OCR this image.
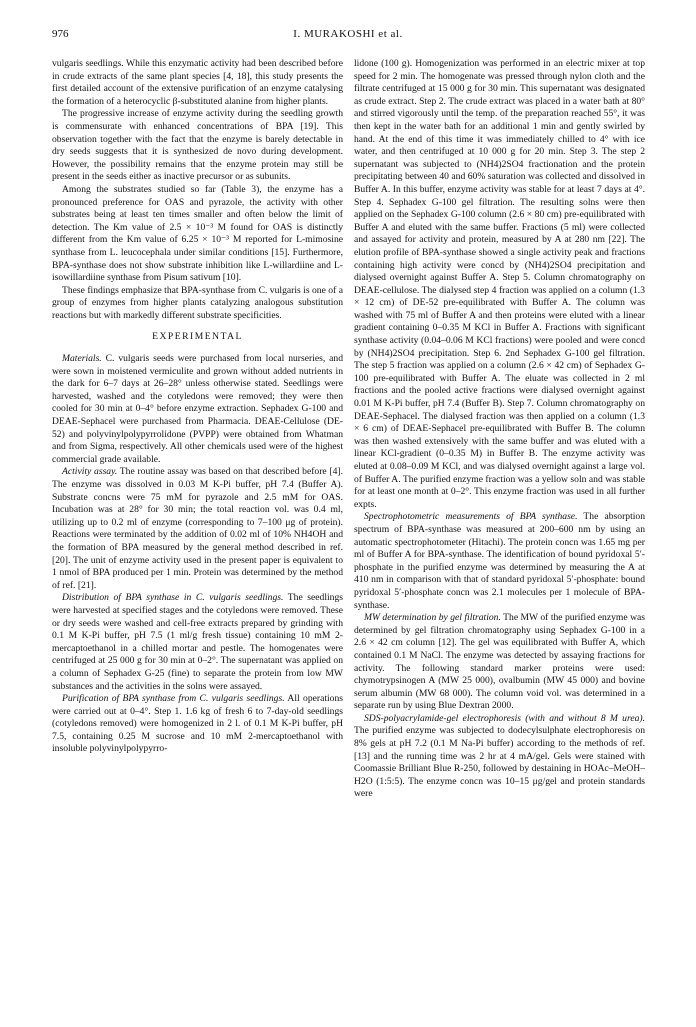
976	I. MURAKOSHI et al.

vulgaris seedlings. While this enzymatic activity had been described before in crude extracts of the same plant species [4, 18], this study presents the first detailed account of the extensive purification of an enzyme catalysing the formation of a heterocyclic β-substituted alanine from higher plants.

The progressive increase of enzyme activity during the seedling growth is commensurate with enhanced concentrations of BPA [19]. This observation together with the fact that the enzyme is barely detectable in dry seeds suggests that it is synthesized de novo during development. However, the possibility remains that the enzyme protein may still be present in the seeds either as inactive precursor or as subunits.

Among the substrates studied so far (Table 3), the enzyme has a pronounced preference for OAS and pyrazole, the activity with other substrates being at least ten times smaller and often below the limit of detection. The Km value of 2.5 × 10⁻³ M found for OAS is distinctly different from the Km value of 6.25 × 10⁻³ M reported for L-mimosine synthase from L. leucocephala under similar conditions [15]. Furthermore, BPA-synthase does not show substrate inhibition like L-willardiine and L-isowillardiine synthase from Pisum sativum [10].

These findings emphasize that BPA-synthase from C. vulgaris is one of a group of enzymes from higher plants catalyzing analogous substitution reactions but with markedly different substrate specificities.

EXPERIMENTAL

Materials. C. vulgaris seeds were purchased from local nurseries, and were sown in moistened vermiculite and grown without added nutrients in the dark for 6–7 days at 26–28° unless otherwise stated. Seedlings were harvested, washed and the cotyledons were removed; they were then cooled for 30 min at 0–4° before enzyme extraction. Sephadex G-100 and DEAE-Sephacel were purchased from Pharmacia. DEAE-Cellulose (DE-52) and polyvinylpolypyrrolidone (PVPP) were obtained from Whatman and from Sigma, respectively. All other chemicals used were of the highest commercial grade available.

Activity assay. The routine assay was based on that described before [4]. The enzyme was dissolved in 0.03 M K-Pi buffer, pH 7.4 (Buffer A). Substrate concns were 75 mM for pyrazole and 2.5 mM for OAS. Incubation was at 28° for 30 min; the total reaction vol. was 0.4 ml, utilizing up to 0.2 ml of enzyme (corresponding to 7–100 μg of protein). Reactions were terminated by the addition of 0.02 ml of 10% NH4OH and the formation of BPA measured by the general method described in ref. [20]. The unit of enzyme activity used in the present paper is equivalent to 1 nmol of BPA produced per 1 min. Protein was determined by the method of ref. [21].

Distribution of BPA synthase in C. vulgaris seedlings. The seedlings were harvested at specified stages and the cotyledons were removed. These or dry seeds were washed and cell-free extracts prepared by grinding with 0.1 M K-Pi buffer, pH 7.5 (1 ml/g fresh tissue) containing 10 mM 2-mercaptoethanol in a chilled mortar and pestle. The homogenates were centrifuged at 25 000 g for 30 min at 0–2°. The supernatant was applied on a column of Sephadex G-25 (fine) to separate the protein from low MW substances and the activities in the solns were assayed.

Purification of BPA synthase from C. vulgaris seedlings. All operations were carried out at 0–4°. Step 1. 1.6 kg of fresh 6 to 7-day-old seedlings (cotyledons removed) were homogenized in 2 l. of 0.1 M K-Pi buffer, pH 7.5, containing 0.25 M sucrose and 10 mM 2-mercaptoethanol with insoluble polyvinylpolypyrro-

lidone (100 g). Homogenization was performed in an electric mixer at top speed for 2 min. The homogenate was pressed through nylon cloth and the filtrate centrifuged at 15 000 g for 30 min. This supernatant was designated as crude extract. Step 2. The crude extract was placed in a water bath at 80° and stirred vigorously until the temp. of the preparation reached 55°, it was then kept in the water bath for an additional 1 min and gently swirled by hand. At the end of this time it was immediately chilled to 4° with ice water, and then centrifuged at 10 000 g for 20 min. Step 3. The step 2 supernatant was subjected to (NH4)2SO4 fractionation and the protein precipitating between 40 and 60% saturation was collected and dissolved in Buffer A. In this buffer, enzyme activity was stable for at least 7 days at 4°. Step 4. Sephadex G-100 gel filtration. The resulting solns were then applied on the Sephadex G-100 column (2.6 × 80 cm) pre-equilibrated with Buffer A and eluted with the same buffer. Fractions (5 ml) were collected and assayed for activity and protein, measured by A at 280 nm [22]. The elution profile of BPA-synthase showed a single activity peak and fractions containing high activity were concd by (NH4)2SO4 precipitation and dialysed overnight against Buffer A. Step 5. Column chromatography on DEAE-cellulose. The dialysed step 4 fraction was applied on a column (1.3 × 12 cm) of DE-52 pre-equilibrated with Buffer A. The column was washed with 75 ml of Buffer A and then proteins were eluted with a linear gradient containing 0–0.35 M KCl in Buffer A. Fractions with significant synthase activity (0.04–0.06 M KCl fractions) were pooled and were concd by (NH4)2SO4 precipitation. Step 6. 2nd Sephadex G-100 gel filtration. The step 5 fraction was applied on a column (2.6 × 42 cm) of Sephadex G-100 pre-equilibrated with Buffer A. The eluate was collected in 2 ml fractions and the pooled active fractions were dialysed overnight against 0.01 M K-Pi buffer, pH 7.4 (Buffer B). Step 7. Column chromatography on DEAE-Sephacel. The dialysed fraction was then applied on a column (1.3 × 6 cm) of DEAE-Sephacel pre-equilibrated with Buffer B. The column was then washed extensively with the same buffer and was eluted with a linear KCl-gradient (0–0.35 M) in Buffer B. The enzyme activity was eluted at 0.08–0.09 M KCl, and was dialysed overnight against a large vol. of Buffer A. The purified enzyme fraction was a yellow soln and was stable for at least one month at 0–2°. This enzyme fraction was used in all further expts.

Spectrophotometric measurements of BPA synthase. The absorption spectrum of BPA-synthase was measured at 200–600 nm by using an automatic spectrophotometer (Hitachi). The protein concn was 1.65 mg per ml of Buffer A for BPA-synthase. The identification of bound pyridoxal 5′-phosphate in the purified enzyme was determined by measuring the A at 410 nm in comparison with that of standard pyridoxal 5′-phosphate: bound pyridoxal 5′-phosphate concn was 2.1 molecules per 1 molecule of BPA-synthase.

MW determination by gel filtration. The MW of the purified enzyme was determined by gel filtration chromatography using Sephadex G-100 in a 2.6 × 42 cm column [12]. The gel was equilibrated with Buffer A, which contained 0.1 M NaCl. The enzyme was detected by assaying fractions for activity. The following standard marker proteins were used: chymotrypsinogen A (MW 25 000), ovalbumin (MW 45 000) and bovine serum albumin (MW 68 000). The column void vol. was determined in a separate run by using Blue Dextran 2000.

SDS-polyacrylamide-gel electrophoresis (with and without 8 M urea). The purified enzyme was subjected to dodecylsulphate electrophoresis on 8% gels at pH 7.2 (0.1 M Na-Pi buffer) according to the methods of ref. [13] and the running time was 2 hr at 4 mA/gel. Gels were stained with Coomassie Brilliant Blue R-250, followed by destaining in HOAc–MeOH–H2O (1:5:5). The enzyme concn was 10–15 μg/gel and protein standards were
